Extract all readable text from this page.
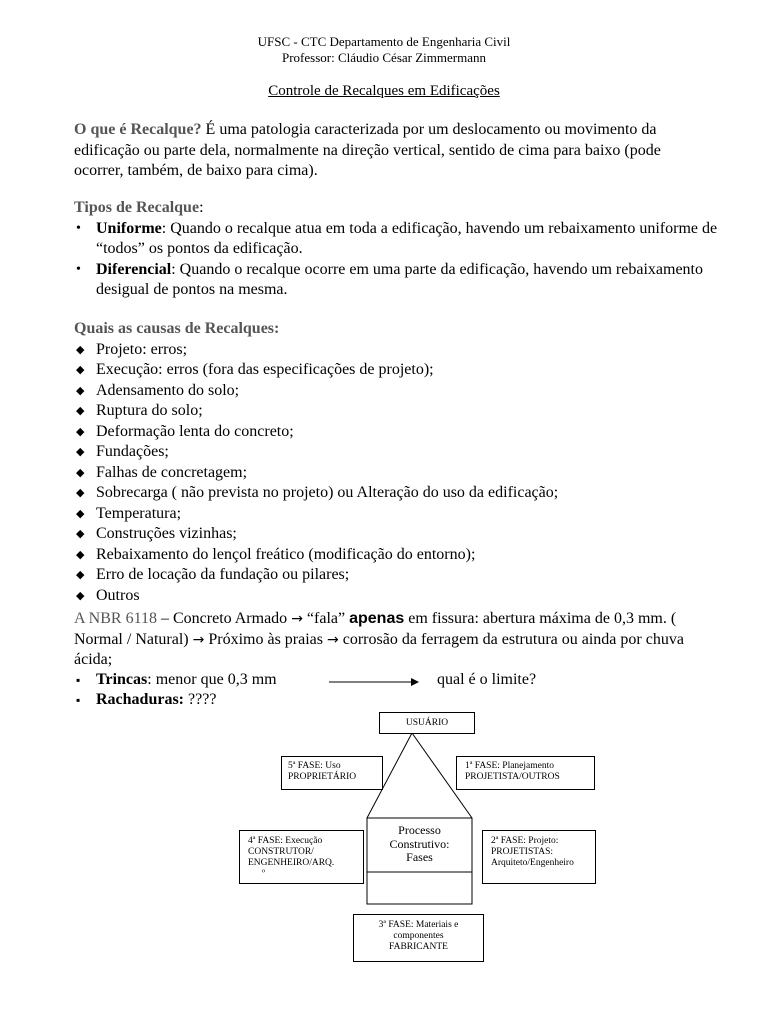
UFSC - CTC Departamento de Engenharia Civil
Professor: Cláudio César Zimmermann
Controle de Recalques em Edificações
O que é Recalque? É uma patologia caracterizada por um deslocamento ou movimento da edificação ou parte dela, normalmente na direção vertical, sentido de cima para baixo (pode ocorrer, também, de baixo para cima).
Tipos de Recalque:
• Uniforme: Quando o recalque atua em toda a edificação, havendo um rebaixamento uniforme de “todos” os pontos da edificação.
• Diferencial: Quando o recalque ocorre em uma parte da edificação, havendo um rebaixamento desigual de pontos na mesma.
Quais as causas de Recalques:
◆ Projeto: erros;
◆ Execução: erros (fora das especificações de projeto);
◆ Adensamento do solo;
◆ Ruptura do solo;
◆ Deformação lenta do concreto;
◆ Fundações;
◆ Falhas de concretagem;
◆ Sobrecarga ( não prevista no projeto) ou Alteração do uso da edificação;
◆ Temperatura;
◆ Construções vizinhas;
◆ Rebaixamento do lençol freático (modificação do entorno);
◆ Erro de locação da fundação ou pilares;
◆ Outros
A NBR 6118 – Concreto Armado → “fala” apenas em fissura: abertura máxima de 0,3 mm. ( Normal / Natural) → Próximo às praias → corrosão da ferragem da estrutura ou ainda por chuva ácida;
▪ Trincas: menor que 0,3 mm	qual é o limite?
▪ Rachaduras: ????
USUÁRIO
5ª FASE: Uso
PROPRIETÁRIO
1ª FASE: Planejamento
PROJETISTA/OUTROS
4ª FASE: Execução
CONSTRUTOR/
ENGENHEIRO/ARQ.
º
Processo
Construtivo:
Fases
2ª FASE: Projeto:
PROJETISTAS:
Arquiteto/Engenheiro
3ª FASE: Materiais e
componentes
FABRICANTE
